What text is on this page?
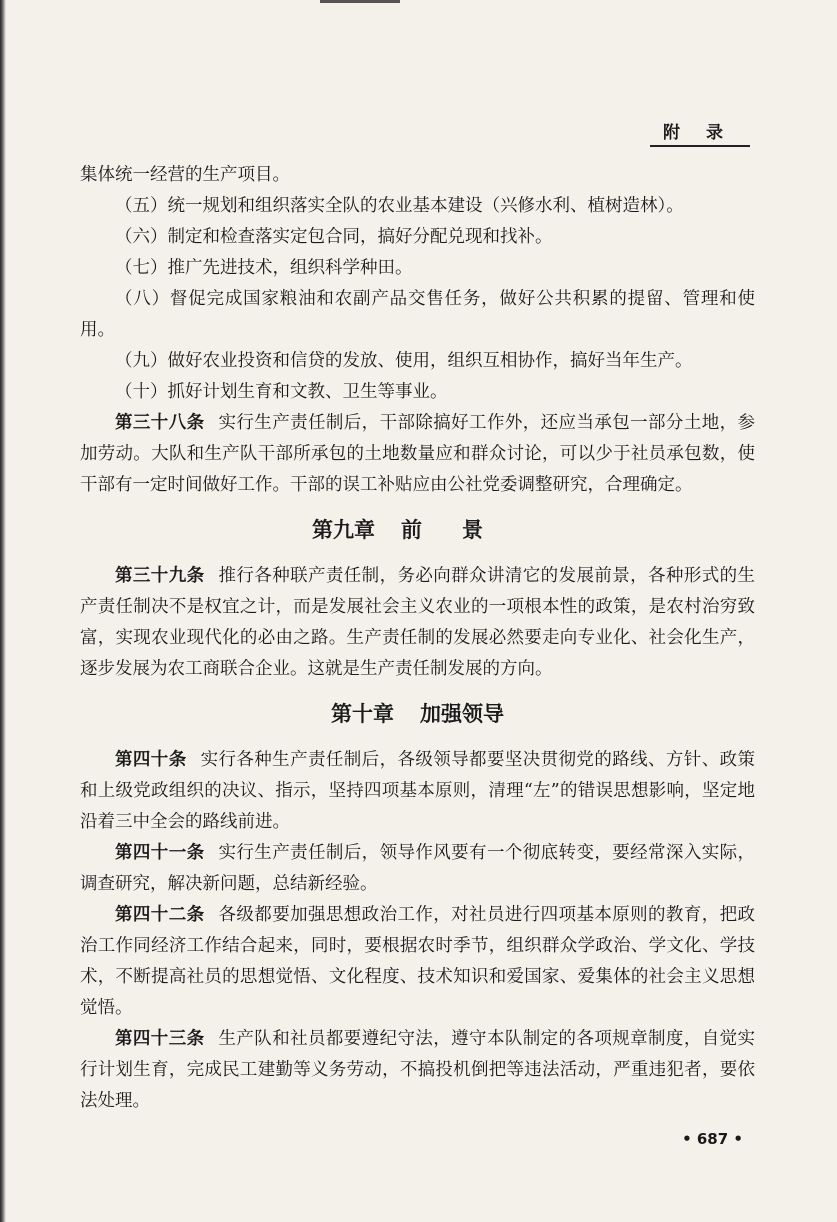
附录

集体统一经营的生产项目。

（五）统一规划和组织落实全队的农业基本建设（兴修水利、植树造林）。

（六）制定和检查落实定包合同，搞好分配兑现和找补。

（七）推广先进技术，组织科学种田。

（八）督促完成国家粮油和农副产品交售任务，做好公共积累的提留、管理和使用。

（九）做好农业投资和信贷的发放、使用，组织互相协作，搞好当年生产。

（十）抓好计划生育和文教、卫生等事业。

第三十八条 实行生产责任制后，干部除搞好工作外，还应当承包一部分土地，参加劳动。大队和生产队干部所承包的土地数量应和群众讨论，可以少于社员承包数，使干部有一定时间做好工作。干部的误工补贴应由公社党委调整研究，合理确定。

第九章 前景

第三十九条 推行各种联产责任制，务必向群众讲清它的发展前景，各种形式的生产责任制决不是权宜之计，而是发展社会主义农业的一项根本性的政策，是农村治穷致富，实现农业现代化的必由之路。生产责任制的发展必然要走向专业化、社会化生产，逐步发展为农工商联合企业。这就是生产责任制发展的方向。

第十章 加强领导

第四十条 实行各种生产责任制后，各级领导都要坚决贯彻党的路线、方针、政策和上级党政组织的决议、指示，坚持四项基本原则，清理“左”的错误思想影响，坚定地沿着三中全会的路线前进。

第四十一条 实行生产责任制后，领导作风要有一个彻底转变，要经常深入实际，调查研究，解决新问题，总结新经验。

第四十二条 各级都要加强思想政治工作，对社员进行四项基本原则的教育，把政治工作同经济工作结合起来，同时，要根据农时季节，组织群众学政治、学文化、学技术，不断提高社员的思想觉悟、文化程度、技术知识和爱国家、爱集体的社会主义思想觉悟。

第四十三条 生产队和社员都要遵纪守法，遵守本队制定的各项规章制度，自觉实行计划生育，完成民工建勤等义务劳动，不搞投机倒把等违法活动，严重违犯者，要依法处理。

• 687 •
